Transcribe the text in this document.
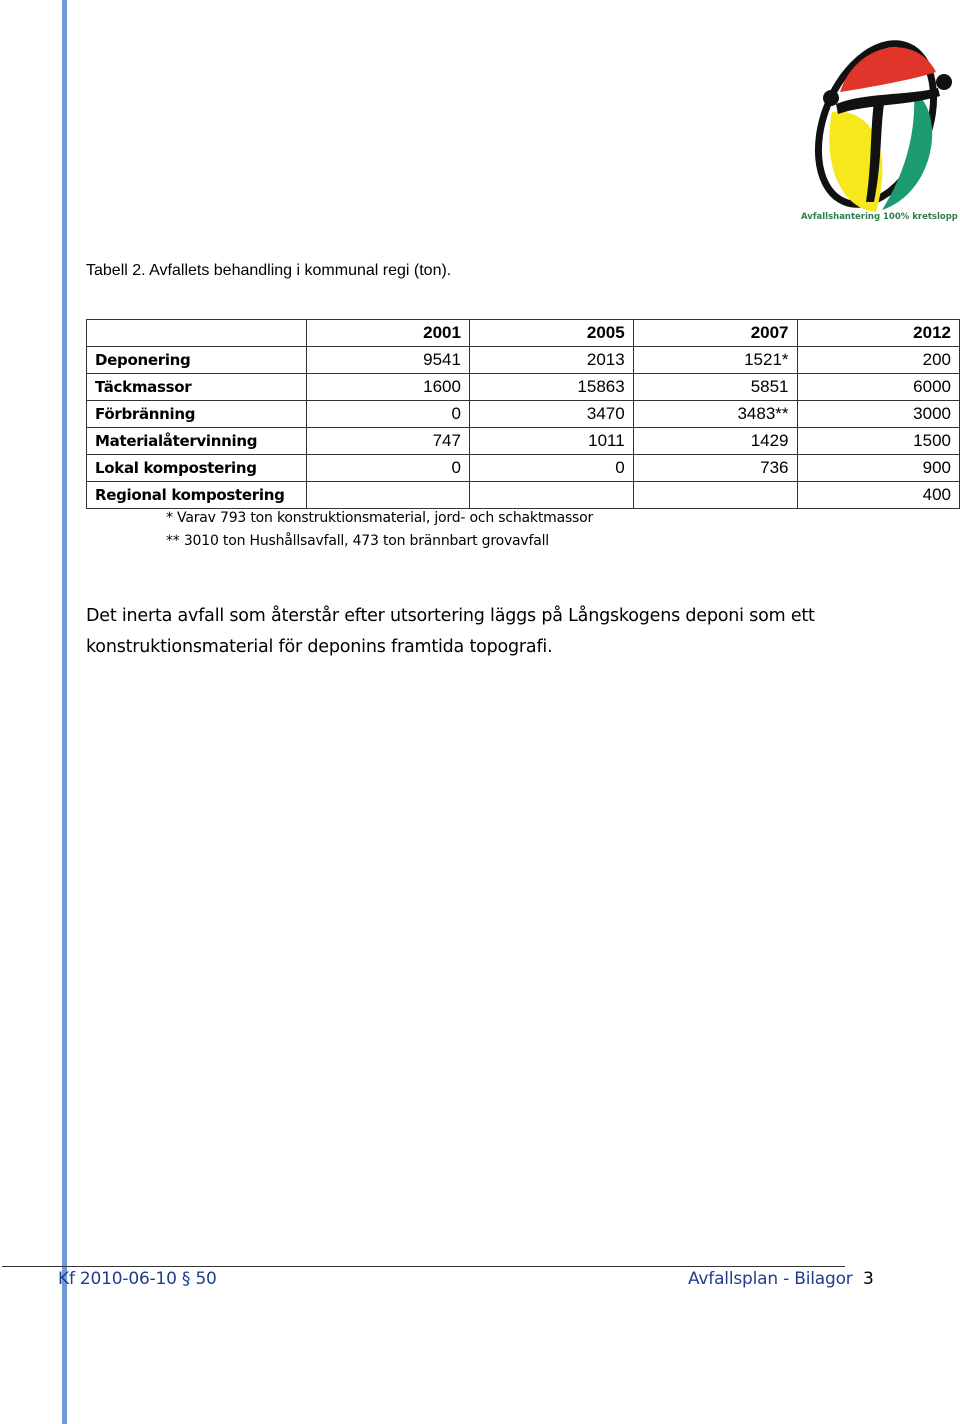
Avfallshantering 100% kretslopp
Tabell 2. Avfallets behandling i kommunal regi (ton).
	2001	2005	2007	2012
Deponering	9541	2013	1521*	200
Täckmassor	1600	15863	5851	6000
Förbränning	0	3470	3483**	3000
Materialåtervinning	747	1011	1429	1500
Lokal kompostering	0	0	736	900
Regional kompostering				400
* Varav 793 ton konstruktionsmaterial, jord- och schaktmassor
** 3010 ton Hushållsavfall, 473 ton brännbart grovavfall
Det inerta avfall som återstår efter utsortering läggs på Långskogens deponi som ett konstruktionsmaterial för deponins framtida topografi.
Kf 2010-06-10 § 50	Avfallsplan - Bilagor 3
